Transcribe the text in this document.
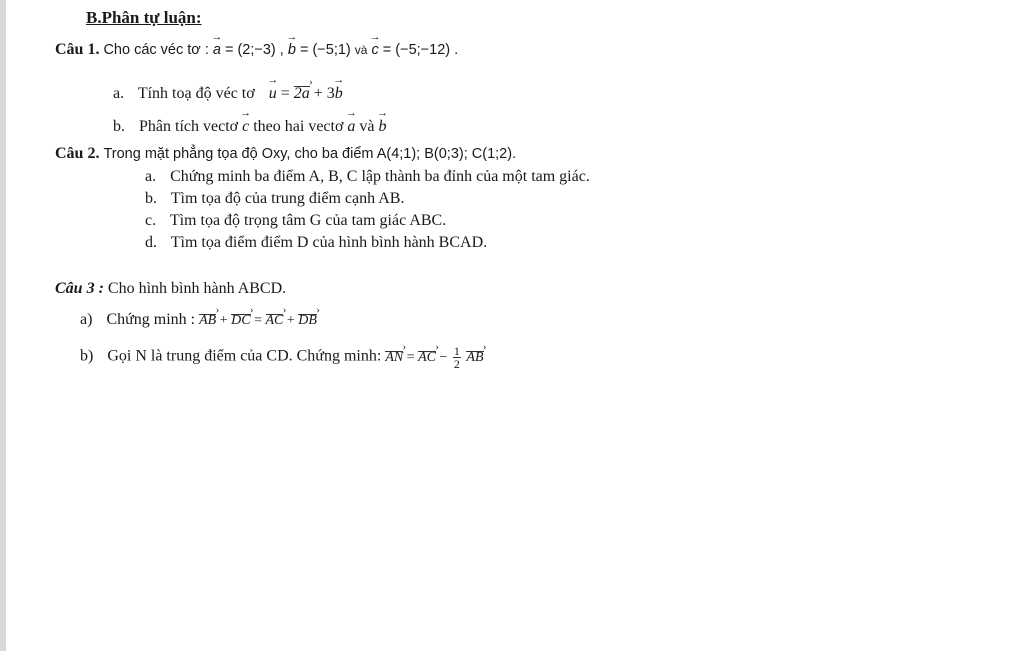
B.Phân tự luận:
Câu 1. Cho các véc tơ : → a = (2;−3) , → b = (−5;1) và → c = (−5;−12) .
a. Tính toạ độ véc tơ → u = 2a › + 3→ b
b. Phân tích vectơ → c theo hai vectơ → a và → b
Câu 2. Trong mặt phẳng tọa độ Oxy, cho ba điểm A(4;1); B(0;3); C(1;2).
a. Chứng minh ba điểm A, B, C lập thành ba đỉnh của một tam giác.
b. Tìm tọa độ của trung điểm cạnh AB.
c. Tìm tọa độ trọng tâm G của tam giác ABC.
d. Tìm tọa điểm điểm D của hình bình hành BCAD.
Câu 3 : Cho hình bình hành ABCD.
a) Chứng minh : AB › + DC › = AC › + DB ›
b) Gọi N là trung điểm của CD. Chứng minh: AN › = AC › − $\frac{1}{2}$ AB ›
